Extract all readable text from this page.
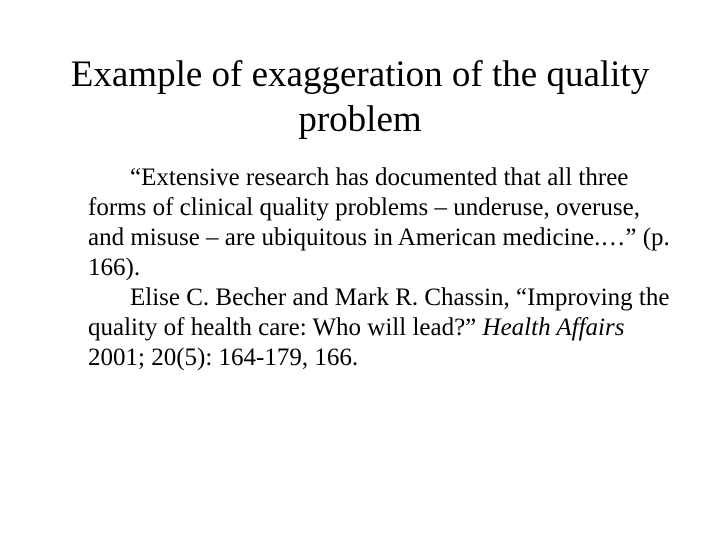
Example of exaggeration of the quality problem

“Extensive research has documented that all three forms of clinical quality problems – underuse, overuse, and misuse – are ubiquitous in American medicine.…” (p. 166).

Elise C. Becher and Mark R. Chassin, “Improving the quality of health care: Who will lead?” Health Affairs 2001; 20(5): 164-179, 166.
